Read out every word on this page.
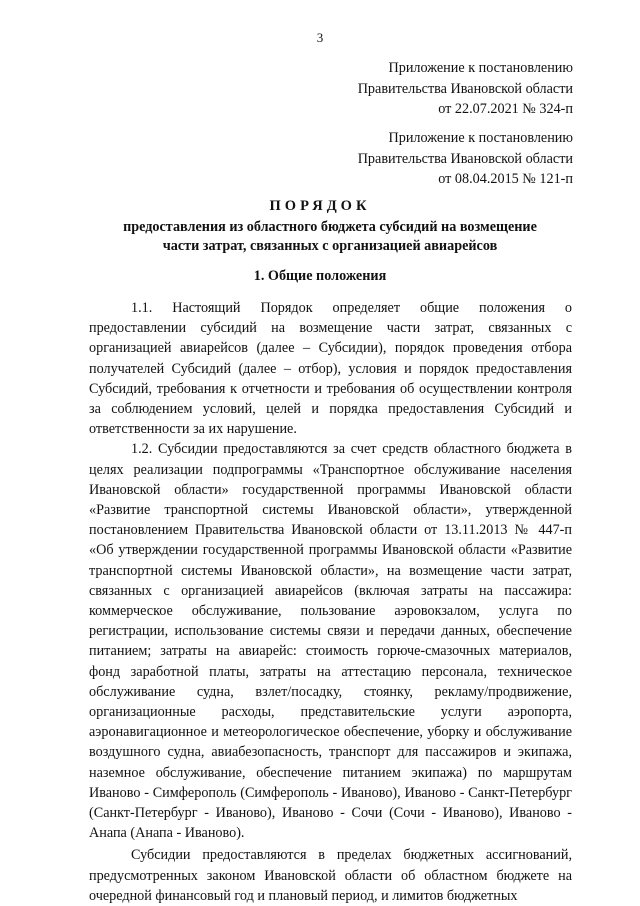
3
Приложение к постановлению
Правительства Ивановской области
от 22.07.2021 № 324-п
Приложение к постановлению
Правительства Ивановской области
от 08.04.2015 № 121-п
ПОРЯДОК
предоставления из областного бюджета субсидий на возмещение
части затрат, связанных с организацией авиарейсов
1. Общие положения

1.1. Настоящий Порядок определяет общие положения о предоставлении субсидий на возмещение части затрат, связанных с организацией авиарейсов (далее – Субсидии), порядок проведения отбора получателей Субсидий (далее – отбор), условия и порядок предоставления Субсидий, требования к отчетности и требования об осуществлении контроля за соблюдением условий, целей и порядка предоставления Субсидий и ответственности за их нарушение.

1.2. Субсидии предоставляются за счет средств областного бюджета в целях реализации подпрограммы «Транспортное обслуживание населения Ивановской области» государственной программы Ивановской области «Развитие транспортной системы Ивановской области», утвержденной постановлением Правительства Ивановской области от 13.11.2013 № 447-п «Об утверждении государственной программы Ивановской области «Развитие транспортной системы Ивановской области», на возмещение части затрат, связанных с организацией авиарейсов (включая затраты на пассажира: коммерческое обслуживание, пользование аэровокзалом, услуга по регистрации, использование системы связи и передачи данных, обеспечение питанием; затраты на авиарейс: стоимость горюче-смазочных материалов, фонд заработной платы, затраты на аттестацию персонала, техническое обслуживание судна, взлет/посадку, стоянку, рекламу/продвижение, организационные расходы, представительские услуги аэропорта, аэронавигационное и метеорологическое обеспечение, уборку и обслуживание воздушного судна, авиабезопасность, транспорт для пассажиров и экипажа, наземное обслуживание, обеспечение питанием экипажа) по маршрутам Иваново - Симферополь (Симферополь - Иваново), Иваново - Санкт-Петербург (Санкт-Петербург - Иваново), Иваново - Сочи (Сочи - Иваново), Иваново - Анапа (Анапа - Иваново).

Субсидии предоставляются в пределах бюджетных ассигнований, предусмотренных законом Ивановской области об областном бюджете на очередной финансовый год и плановый период, и лимитов бюджетных
